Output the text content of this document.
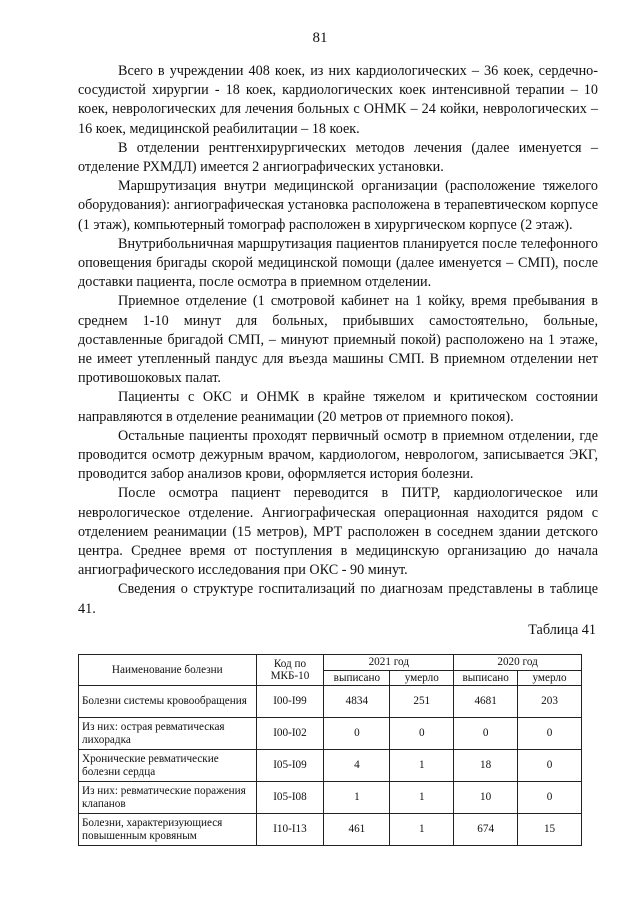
81

Всего в учреждении 408 коек, из них кардиологических – 36 коек, сердечно-сосудистой хирургии - 18 коек, кардиологических коек интенсивной терапии – 10 коек, неврологических для лечения больных с ОНМК – 24 койки, неврологических – 16 коек, медицинской реабилитации – 18 коек.

В отделении рентгенхирургических методов лечения (далее именуется – отделение РХМДЛ) имеется 2 ангиографических установки.

Маршрутизация внутри медицинской организации (расположение тяжелого оборудования): ангиографическая установка расположена в терапевтическом корпусе (1 этаж), компьютерный томограф расположен в хирургическом корпусе (2 этаж).

Внутрибольничная маршрутизация пациентов планируется после телефонного оповещения бригады скорой медицинской помощи (далее именуется – СМП), после доставки пациента, после осмотра в приемном отделении.

Приемное отделение (1 смотровой кабинет на 1 койку, время пребывания в среднем 1-10 минут для больных, прибывших самостоятельно, больные, доставленные бригадой СМП, – минуют приемный покой) расположено на 1 этаже, не имеет утепленный пандус для въезда машины СМП. В приемном отделении нет противошоковых палат.

Пациенты с ОКС и ОНМК в крайне тяжелом и критическом состоянии направляются в отделение реанимации (20 метров от приемного покоя).

Остальные пациенты проходят первичный осмотр в приемном отделении, где проводится осмотр дежурным врачом, кардиологом, неврологом, записывается ЭКГ, проводится забор анализов крови, оформляется история болезни.

После осмотра пациент переводится в ПИТР, кардиологическое или неврологическое отделение. Ангиографическая операционная находится рядом с отделением реанимации (15 метров), МРТ расположен в соседнем здании детского центра. Среднее время от поступления в медицинскую организацию до начала ангиографического исследования при ОКС - 90 минут.

Сведения о структуре госпитализаций по диагнозам представлены в таблице 41.

Таблица 41
Наименование болезни	Код по МКБ-10	2021 год		2020 год	
		выписано	умерло	выписано	умерло
Болезни системы кровообращения	I00-I99	4834	251	4681	203
Из них: острая ревматическая лихорадка	I00-I02	0	0	0	0
Хронические ревматические болезни сердца	I05-I09	4	1	18	0
Из них: ревматические поражения клапанов	I05-I08	1	1	10	0
Болезни, характеризующиеся повышенным кровяным	I10-I13	461	1	674	15
